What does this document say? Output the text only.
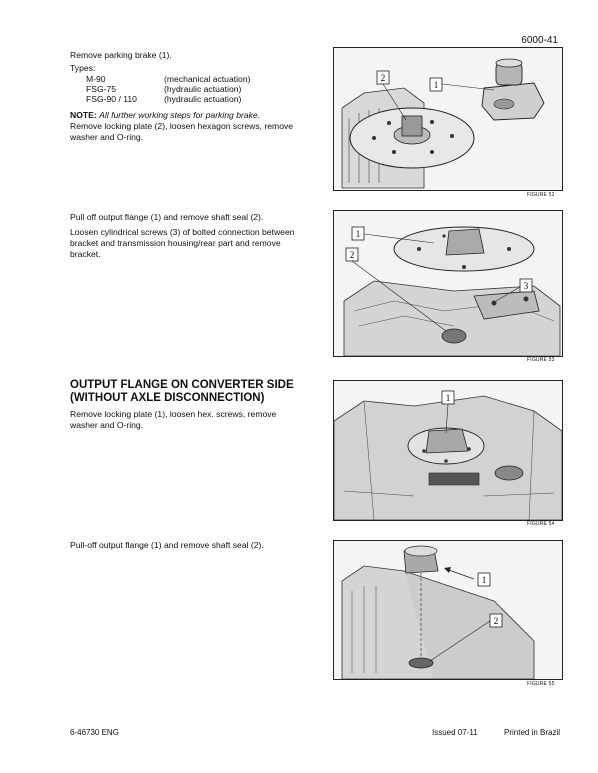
6000-41
Remove parking brake (1).
Types:
M-90	(mechanical actuation)
FSG-75	(hydraulic actuation)
FSG-90 / 110	(hydraulic actuation)
NOTE: All further working steps for parking brake.
Remove locking plate (2), loosen hexagon screws, remove washer and O-ring.
Pull off output flange (1) and remove shaft seal (2).
Loosen cylindrical screws (3) of bolted connection between bracket and transmission housing/rear part and remove bracket.
OUTPUT FLANGE ON CONVERTER SIDE (WITHOUT AXLE DISCONNECTION)
Remove locking plate (1), loosen hex. screws, remove washer and O-ring.
Pull-off output flange (1) and remove shaft seal (2).
1
2
FIGURE 52
1
2
3
FIGURE 53
1
FIGURE 54
1
2
FIGURE 55
6-46730 ENG	Issued 07-11	Printed in Brazil
